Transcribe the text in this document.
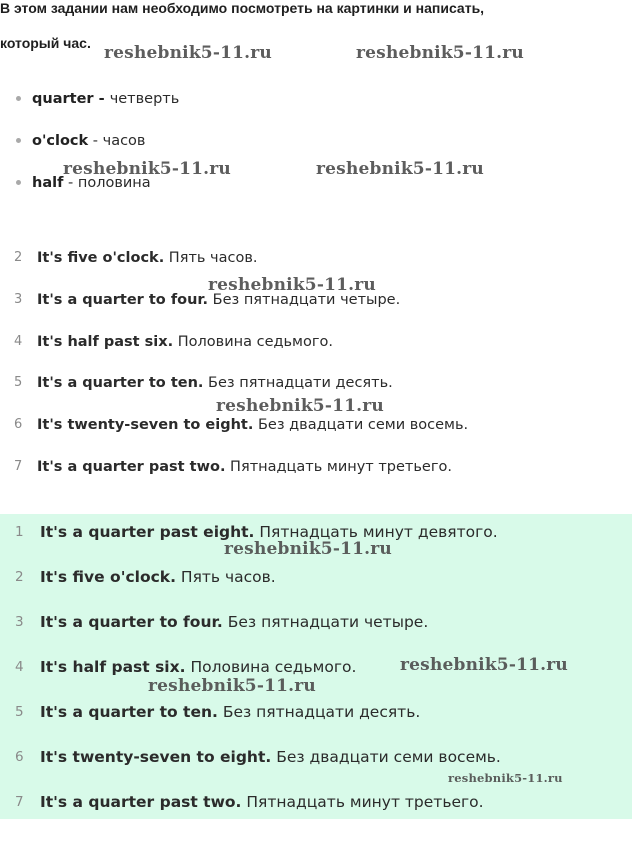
В этом задании нам необходимо посмотреть на картинки и написать,
который час.
quarter - четверть
o'clock - часов
half - половина
2 It's five o'clock. Пять часов.
3 It's a quarter to four. Без пятнадцати четыре.
4 It's half past six. Половина седьмого.
5 It's a quarter to ten. Без пятнадцати десять.
6 It's twenty-seven to eight. Без двадцати семи восемь.
7 It's a quarter past two. Пятнадцать минут третьего.
1 It's a quarter past eight. Пятнадцать минут девятого.
2 It's five o'clock. Пять часов.
3 It's a quarter to four. Без пятнадцати четыре.
4 It's half past six. Половина седьмого.
5 It's a quarter to ten. Без пятнадцати десять.
6 It's twenty-seven to eight. Без двадцати семи восемь.
7 It's a quarter past two. Пятнадцать минут третьего.
reshebnik5-11.ru	reshebnik5-11.ru
reshebnik5-11.ru	reshebnik5-11.ru
reshebnik5-11.ru
reshebnik5-11.ru
reshebnik5-11.ru
reshebnik5-11.ru
reshebnik5-11.ru
reshebnik5-11.ru
